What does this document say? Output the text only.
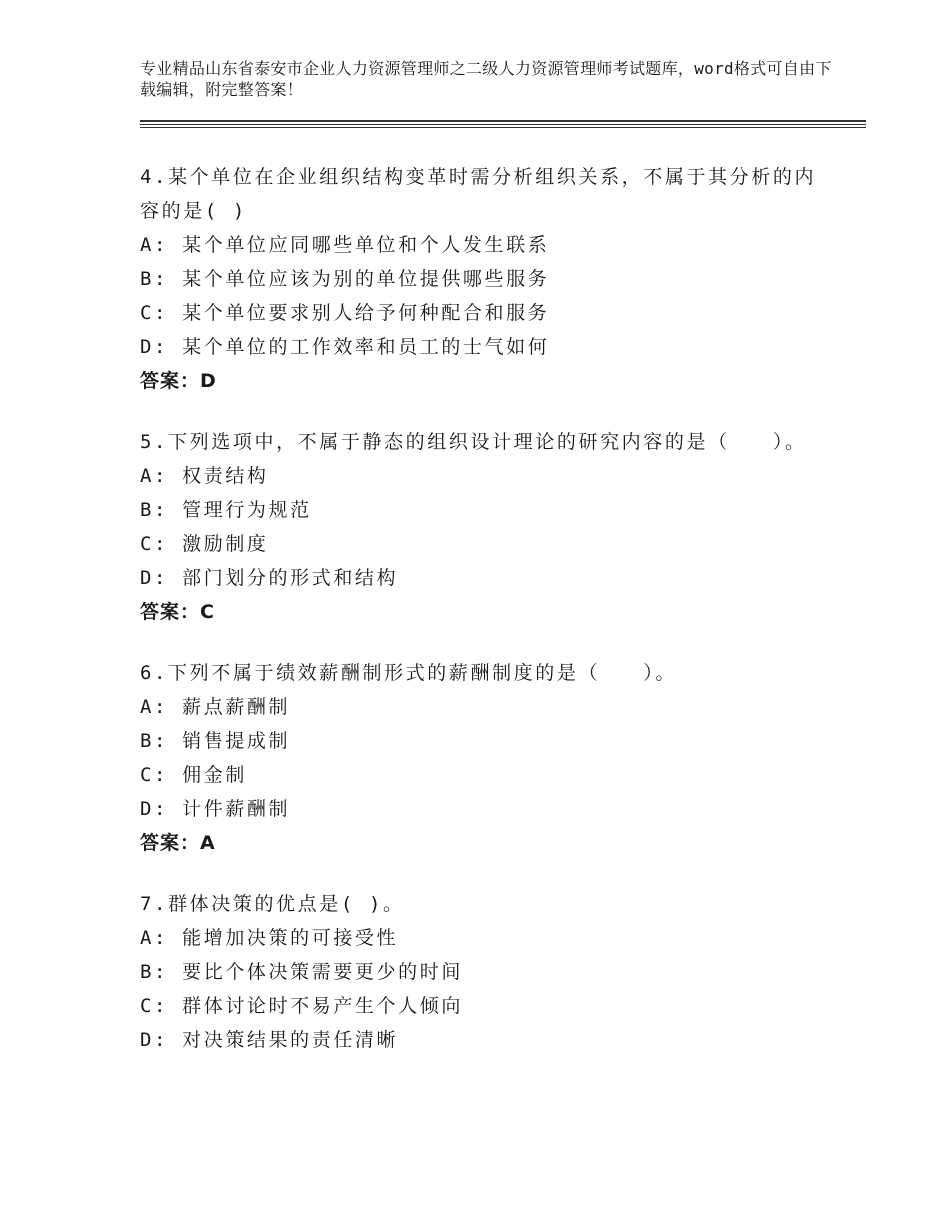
专业精品山东省泰安市企业人力资源管理师之二级人力资源管理师考试题库，word格式可自由下载编辑，附完整答案！
4.某个单位在企业组织结构变革时需分析组织关系，不属于其分析的内容的是( )
A: 某个单位应同哪些单位和个人发生联系
B: 某个单位应该为别的单位提供哪些服务
C: 某个单位要求别人给予何种配合和服务
D: 某个单位的工作效率和员工的士气如何
答案：D
5.下列选项中，不属于静态的组织设计理论的研究内容的是（　　）。
A: 权责结构
B: 管理行为规范
C: 激励制度
D: 部门划分的形式和结构
答案：C
6.下列不属于绩效薪酬制形式的薪酬制度的是（　　）。
A: 薪点薪酬制
B: 销售提成制
C: 佣金制
D: 计件薪酬制
答案：A
7.群体决策的优点是( )。
A: 能增加决策的可接受性
B: 要比个体决策需要更少的时间
C: 群体讨论时不易产生个人倾向
D: 对决策结果的责任清晰
